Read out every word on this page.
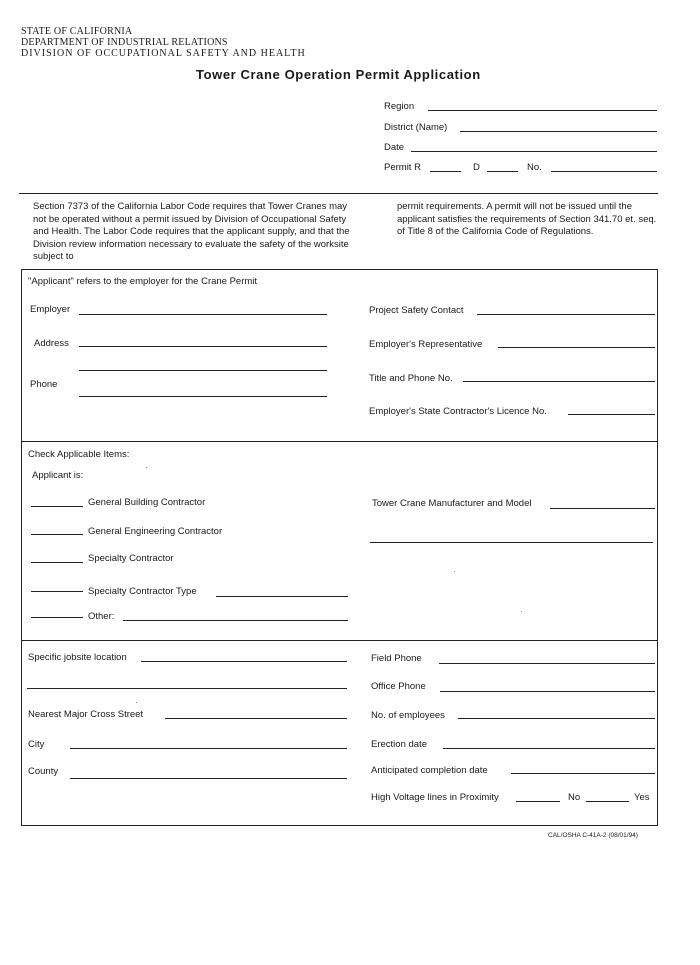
STATE OF CALIFORNIA
DEPARTMENT OF INDUSTRIAL RELATIONS
DIVISION OF OCCUPATIONAL SAFETY AND HEALTH
Tower Crane Operation Permit Application
Region
District (Name)
Date
Permit R	D	No.
Section 7373 of the California Labor Code requires that Tower Cranes may not be operated without a permit issued by Division of Occupational Safety and Health. The Labor Code requires that the applicant supply, and that the Division review information necessary to evaluate the safety of the worksite subject to
permit requirements. A permit will not be issued until the applicant satisfies the requirements of Section 341.70 et. seq. of Title 8 of the California Code of Regulations.
"Applicant" refers to the employer for the Crane Permit
Employer
Address
Phone
Project Safety Contact
Employer's Representative
Title and Phone No.
Employer's State Contractor's Licence No.
Check Applicable Items:
Applicant is:
General Building Contractor
General Engineering Contractor
Specialty Contractor
Specialty Contractor Type
Other:
Tower Crane Manufacturer and Model
Specific jobsite location
Nearest Major Cross Street
City
County
Field Phone
Office Phone
No. of employees
Erection date
Anticipated completion date
High Voltage lines in Proximity	No	Yes
CAL/OSHA C-41A-2 (08/01/94)
